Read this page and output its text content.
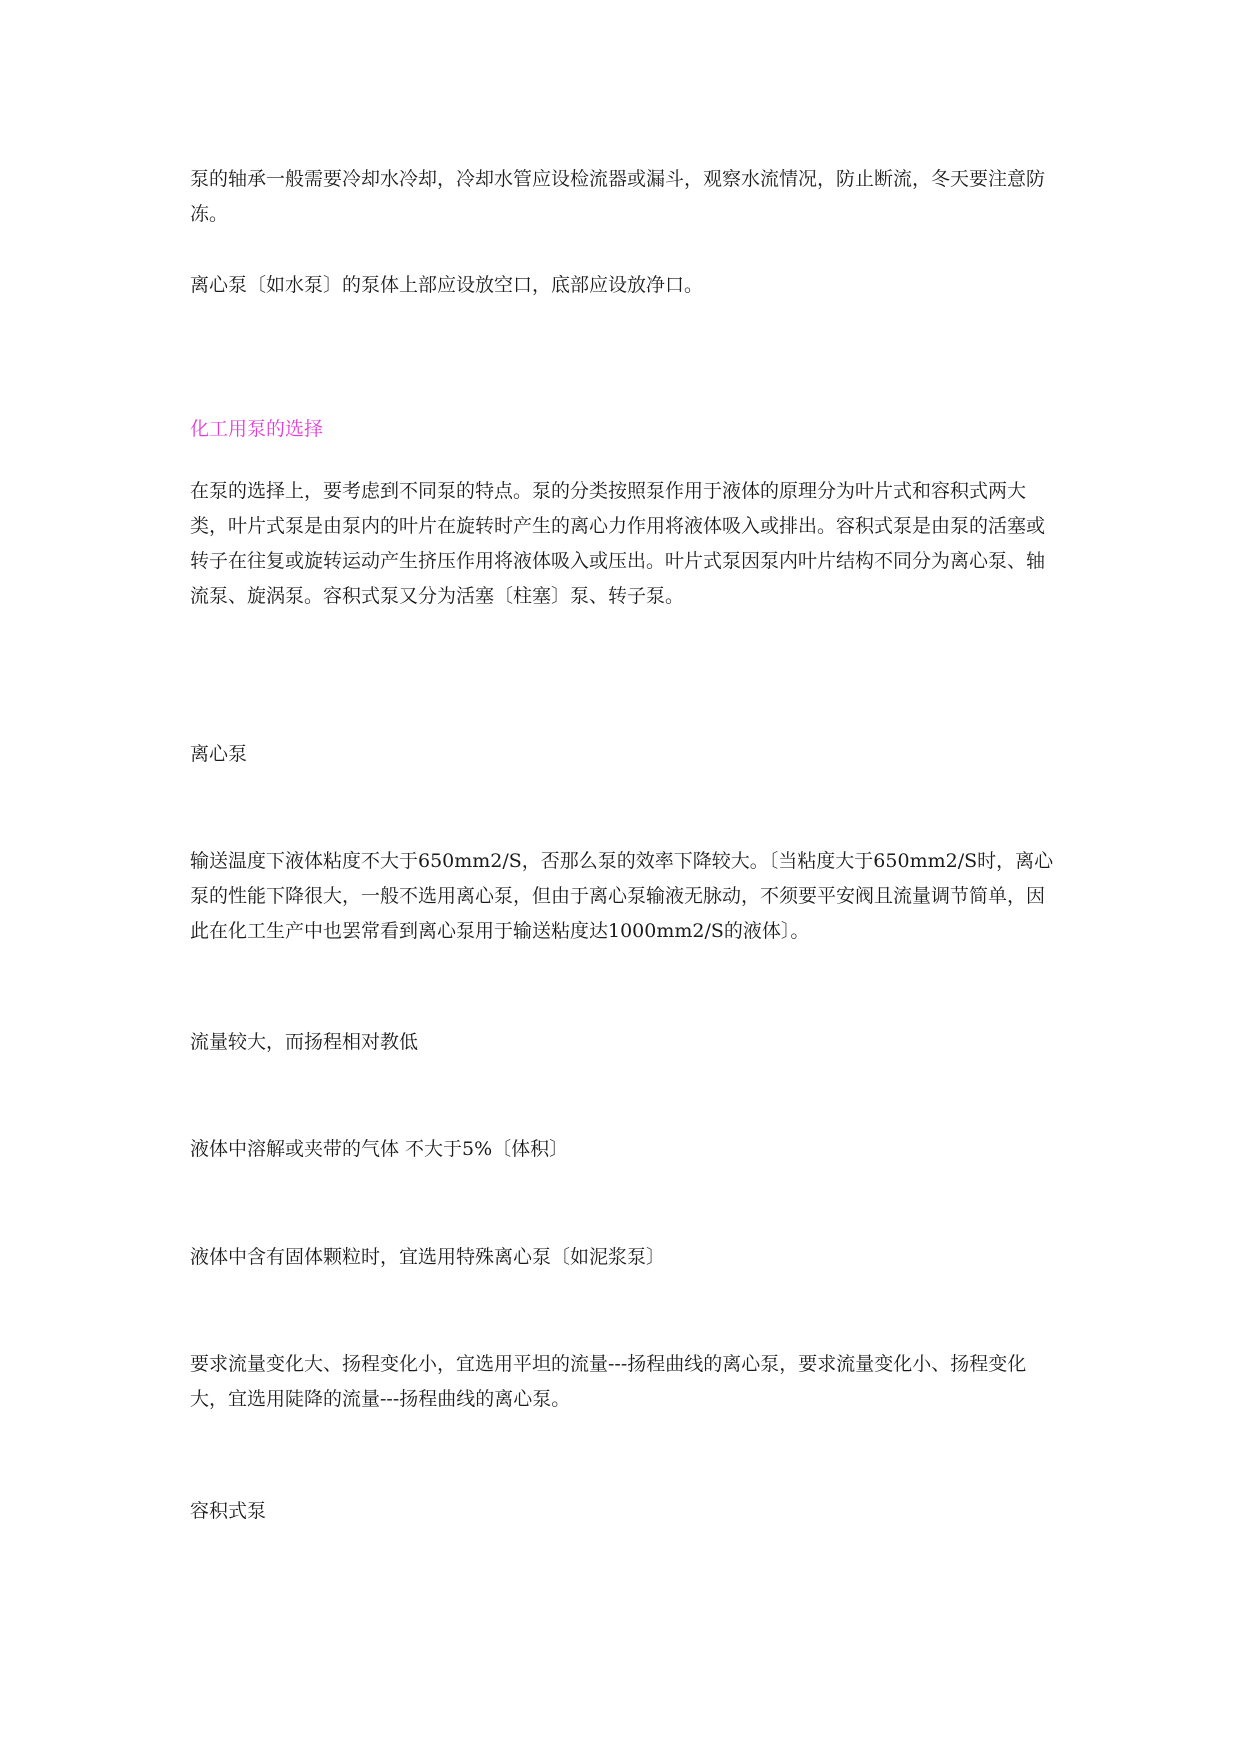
泵的轴承一般需要冷却水冷却，冷却水管应设检流器或漏斗，观察水流情况，防止断流，冬天要注意防冻。

离心泵〔如水泵〕的泵体上部应设放空口，底部应设放净口。

化工用泵的选择

在泵的选择上，要考虑到不同泵的特点。泵的分类按照泵作用于液体的原理分为叶片式和容积式两大类，叶片式泵是由泵内的叶片在旋转时产生的离心力作用将液体吸入或排出。容积式泵是由泵的活塞或转子在往复或旋转运动产生挤压作用将液体吸入或压出。叶片式泵因泵内叶片结构不同分为离心泵、轴流泵、旋涡泵。容积式泵又分为活塞〔柱塞〕泵、转子泵。

离心泵

输送温度下液体粘度不大于650mm2/S，否那么泵的效率下降较大。〔当粘度大于650mm2/S时，离心泵的性能下降很大，一般不选用离心泵，但由于离心泵输液无脉动，不须要平安阀且流量调节简单，因此在化工生产中也罢常看到离心泵用于输送粘度达1000mm2/S的液体〕。

流量较大，而扬程相对教低

液体中溶解或夹带的气体 不大于5%〔体积〕

液体中含有固体颗粒时，宜选用特殊离心泵〔如泥浆泵〕

要求流量变化大、扬程变化小，宜选用平坦的流量---扬程曲线的离心泵，要求流量变化小、扬程变化大，宜选用陡降的流量---扬程曲线的离心泵。

容积式泵
